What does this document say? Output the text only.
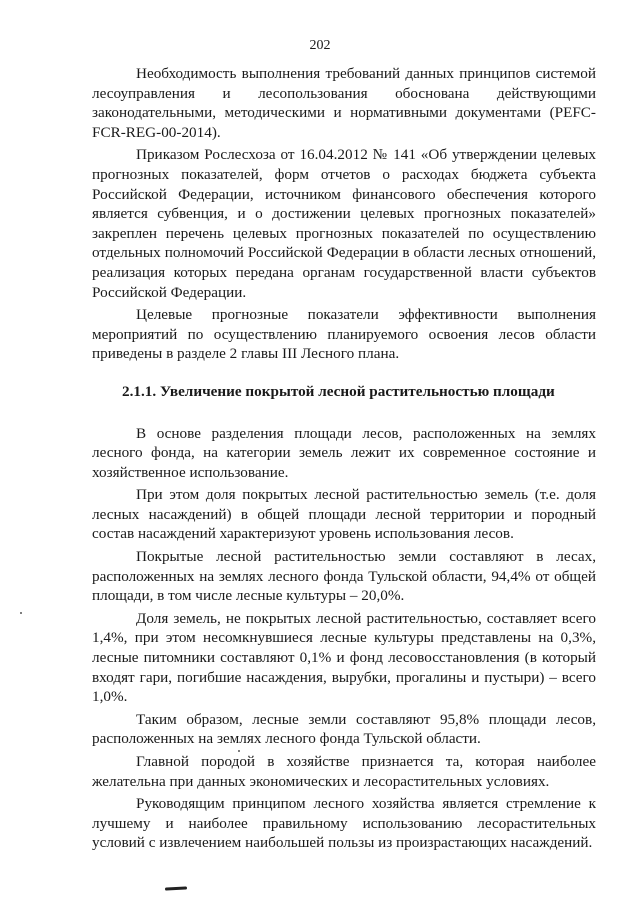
202

Необходимость выполнения требований данных принципов системой лесоуправления и лесопользования обоснована действующими законодательными, методическими и нормативными документами (PEFC-FCR-REG-00-2014).

Приказом Рослесхоза от 16.04.2012 № 141 «Об утверждении целевых прогнозных показателей, форм отчетов о расходах бюджета субъекта Российской Федерации, источником финансового обеспечения которого является субвенция, и о достижении целевых прогнозных показателей» закреплен перечень целевых прогнозных показателей по осуществлению отдельных полномочий Российской Федерации в области лесных отношений, реализация которых передана органам государственной власти субъектов Российской Федерации.

Целевые прогнозные показатели эффективности выполнения мероприятий по осуществлению планируемого освоения лесов области приведены в разделе 2 главы III Лесного плана.

2.1.1. Увеличение покрытой лесной растительностью площади

В основе разделения площади лесов, расположенных на землях лесного фонда, на категории земель лежит их современное состояние и хозяйственное использование.

При этом доля покрытых лесной растительностью земель (т.е. доля лесных насаждений) в общей площади лесной территории и породный состав насаждений характеризуют уровень использования лесов.

Покрытые лесной растительностью земли составляют в лесах, расположенных на землях лесного фонда Тульской области, 94,4% от общей площади, в том числе лесные культуры – 20,0%.

Доля земель, не покрытых лесной растительностью, составляет всего 1,4%, при этом несомкнувшиеся лесные культуры представлены на 0,3%, лесные питомники составляют 0,1% и фонд лесовосстановления (в который входят гари, погибшие насаждения, вырубки, прогалины и пустыри) – всего 1,0%.

Таким образом, лесные земли составляют 95,8% площади лесов, расположенных на землях лесного фонда Тульской области.

Главной породой в хозяйстве признается та, которая наиболее желательна при данных экономических и лесорастительных условиях.

Руководящим принципом лесного хозяйства является стремление к лучшему и наиболее правильному использованию лесорастительных условий с извлечением наибольшей пользы из произрастающих насаждений.
